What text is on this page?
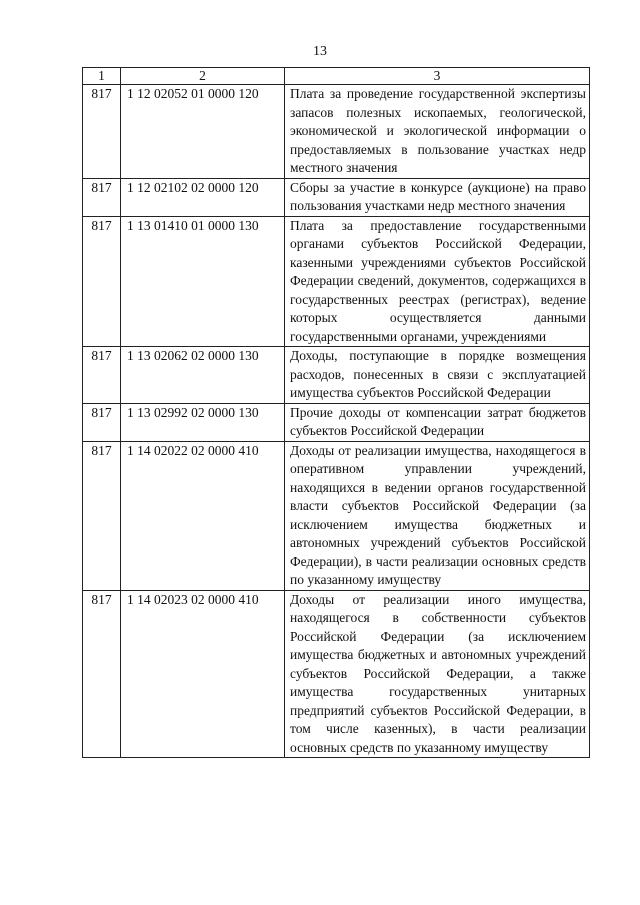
13
1	2	3
817	1 12 02052 01 0000 120	Плата за проведение государственной экспертизы запасов полезных ископаемых, геологической, экономической и экологической информации о предоставляемых в пользование участках недр местного значения
817	1 12 02102 02 0000 120	Сборы за участие в конкурсе (аукционе) на право пользования участками недр местного значения
817	1 13 01410 01 0000 130	Плата за предоставление государственными органами субъектов Российской Федерации, казенными учреждениями субъектов Российской Федерации сведений, документов, содержащихся в государственных реестрах (регистрах), ведение которых осуществляется данными государственными органами, учреждениями
817	1 13 02062 02 0000 130	Доходы, поступающие в порядке возмещения расходов, понесенных в связи с эксплуатацией имущества субъектов Российской Федерации
817	1 13 02992 02 0000 130	Прочие доходы от компенсации затрат бюджетов субъектов Российской Федерации
817	1 14 02022 02 0000 410	Доходы от реализации имущества, находящегося в оперативном управлении учреждений, находящихся в ведении органов государственной власти субъектов Российской Федерации (за исключением имущества бюджетных и автономных учреждений субъектов Российской Федерации), в части реализации основных средств по указанному имуществу
817	1 14 02023 02 0000 410	Доходы от реализации иного имущества, находящегося в собственности субъектов Российской Федерации (за исключением имущества бюджетных и автономных учреждений субъектов Российской Федерации, а также имущества государственных унитарных предприятий субъектов Российской Федерации, в том числе казенных), в части реализации основных средств по указанному имуществу
